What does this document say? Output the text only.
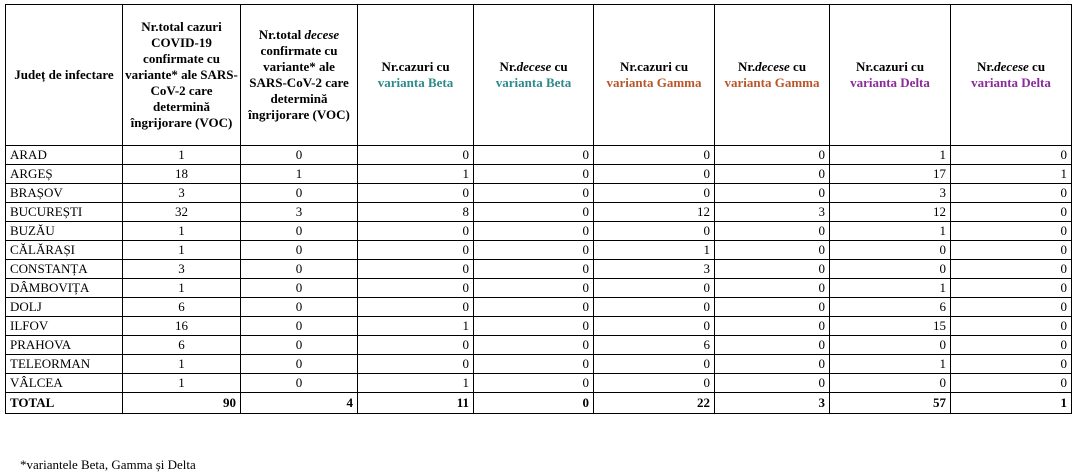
Județ de infectare	Nr.total cazuri COVID-19 confirmate cu variante* ale SARS-CoV-2 care determină îngrijorare (VOC)	Nr.total decese confirmate cu variante* ale SARS-CoV-2 care determină îngrijorare (VOC)	Nr.cazuri cu varianta Beta	Nr.decese cu varianta Beta	Nr.cazuri cu varianta Gamma	Nr.decese cu varianta Gamma	Nr.cazuri cu varianta Delta	Nr.decese cu varianta Delta
ARAD	1	0	0	0	0	0	1	0
ARGEȘ	18	1	1	0	0	0	17	1
BRAȘOV	3	0	0	0	0	0	3	0
BUCUREȘTI	32	3	8	0	12	3	12	0
BUZĂU	1	0	0	0	0	0	1	0
CĂLĂRAȘI	1	0	0	0	1	0	0	0
CONSTANȚA	3	0	0	0	3	0	0	0
DÂMBOVIȚA	1	0	0	0	0	0	1	0
DOLJ	6	0	0	0	0	0	6	0
ILFOV	16	0	1	0	0	0	15	0
PRAHOVA	6	0	0	0	6	0	0	0
TELEORMAN	1	0	0	0	0	0	1	0
VÂLCEA	1	0	1	0	0	0	0	0
TOTAL	90	4	11	0	22	3	57	1
*variantele Beta, Gamma și Delta
